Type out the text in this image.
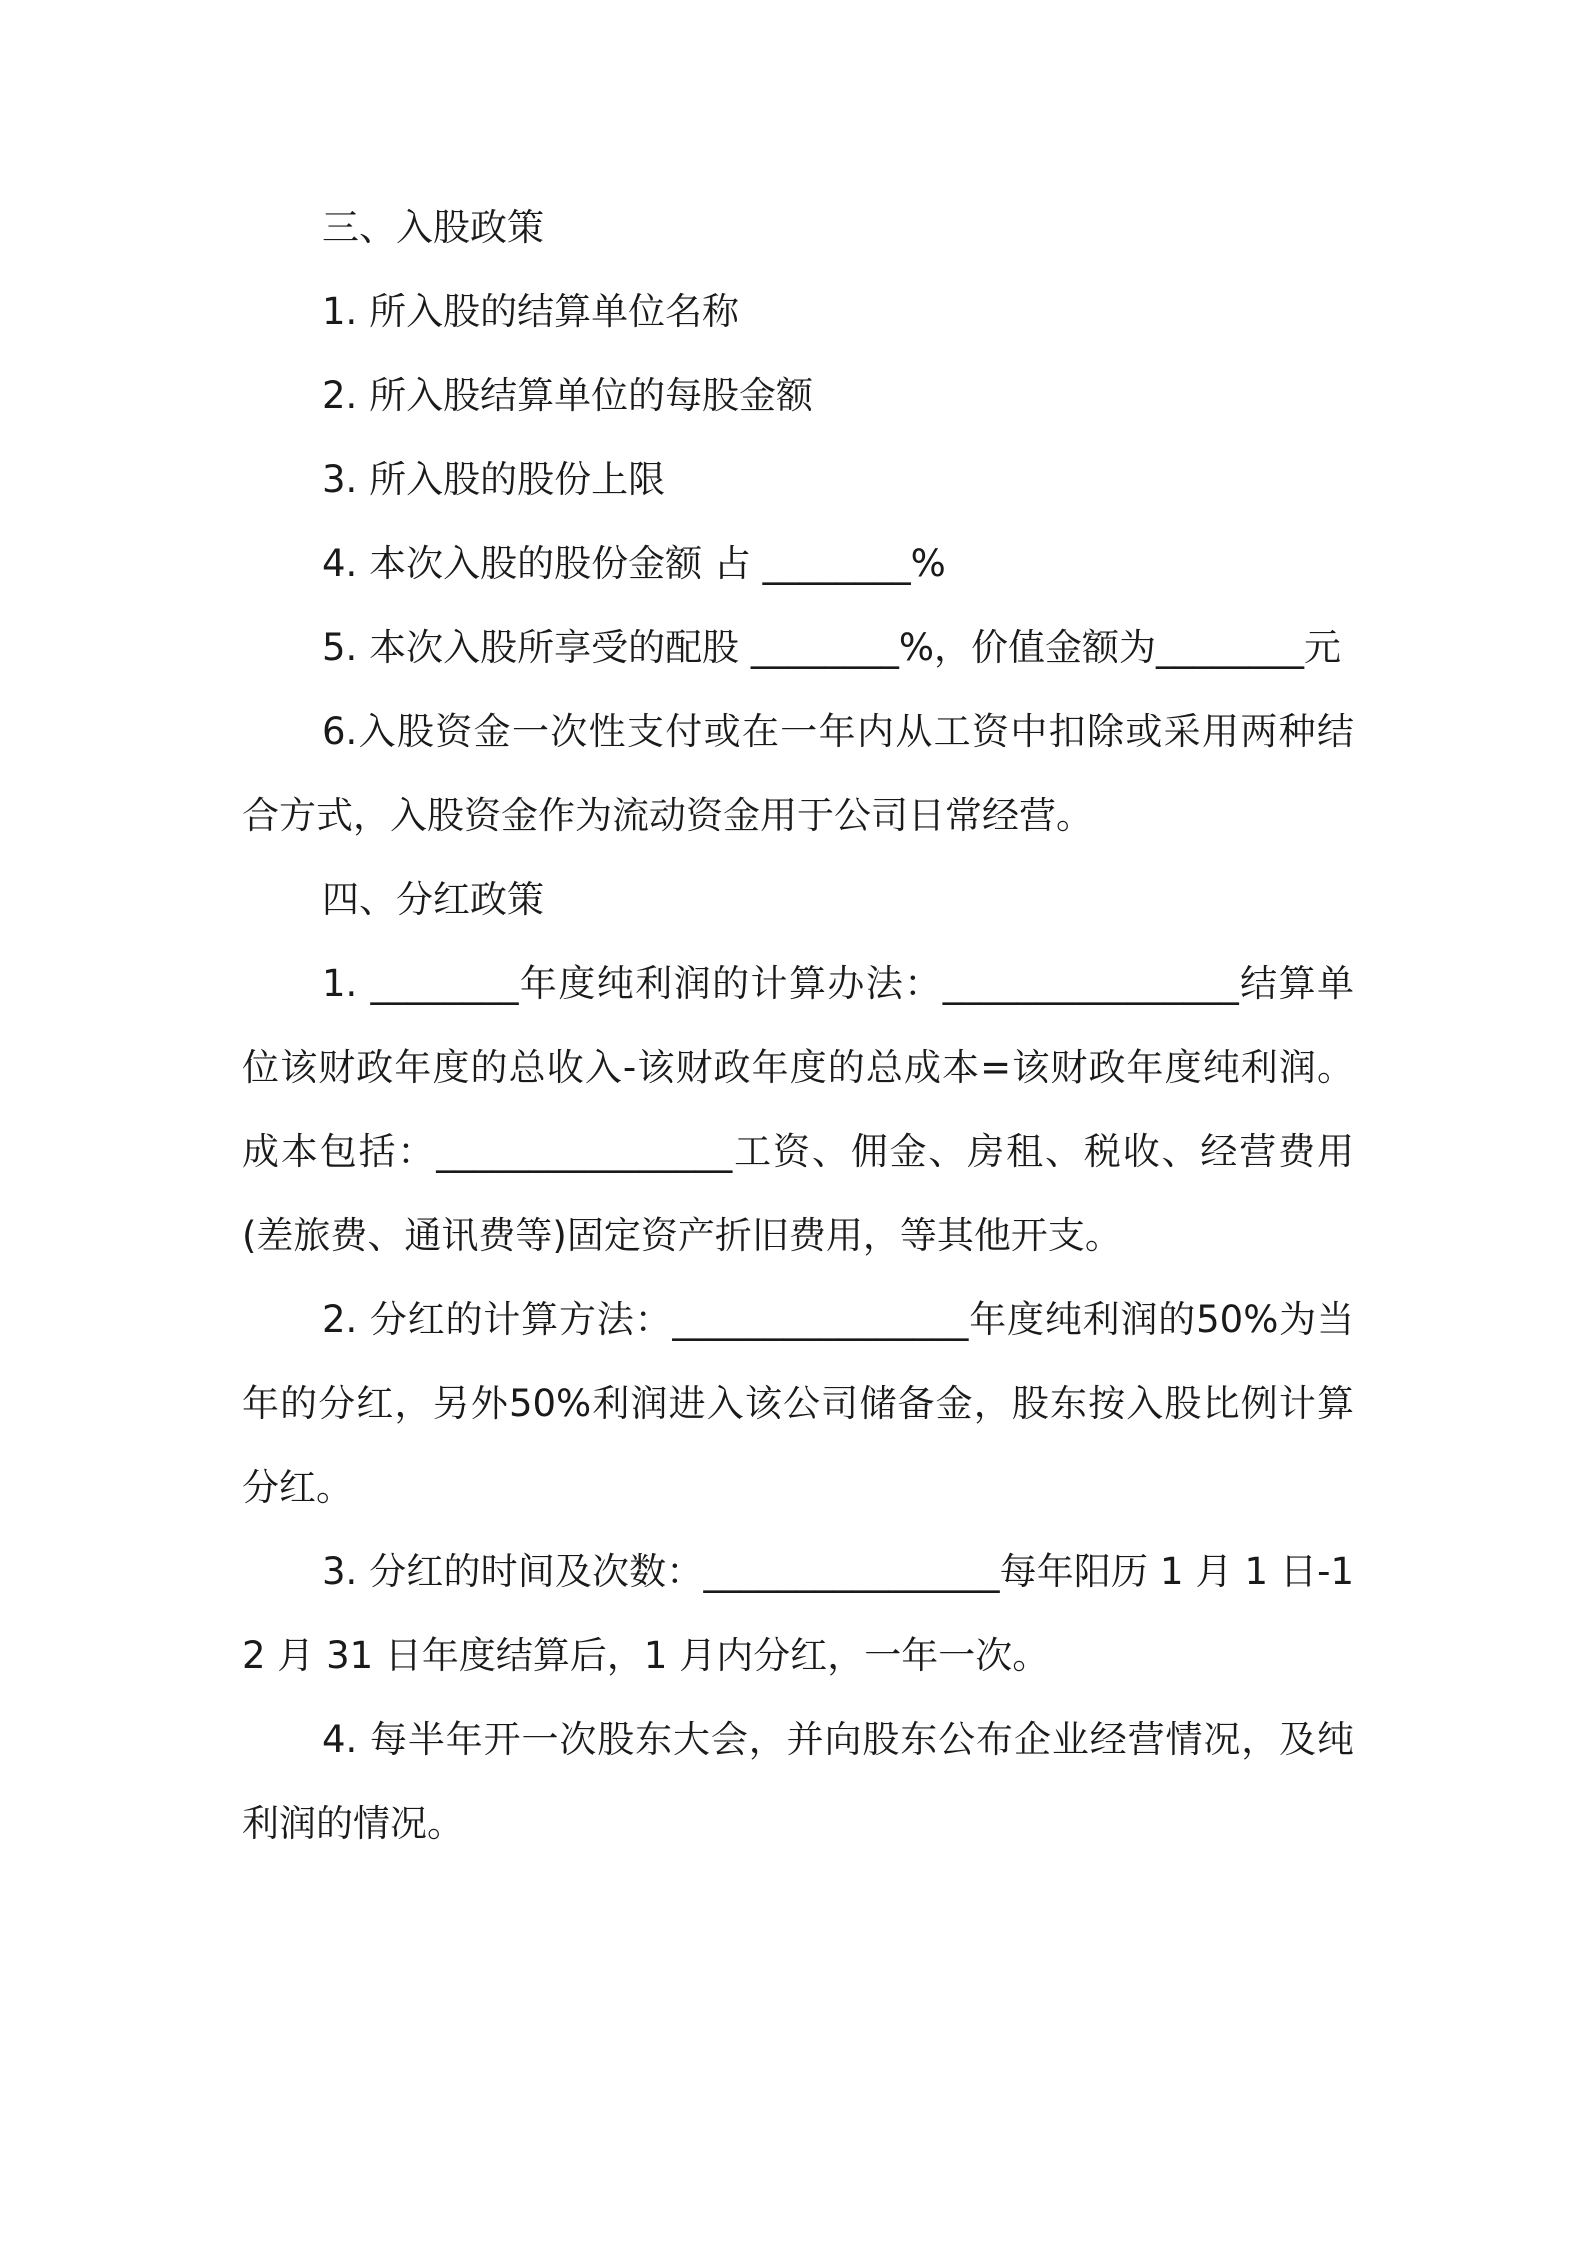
三、入股政策

1. 所入股的结算单位名称

2. 所入股结算单位的每股金额

3. 所入股的股份上限

4. 本次入股的股份金额 占 ________%

5. 本次入股所享受的配股 ________%，价值金额为________元

6.入股资金一次性支付或在一年内从工资中扣除或采用两种结合方式，入股资金作为流动资金用于公司日常经营。

四、分红政策

1. ________年度纯利润的计算办法：________________结算单位该财政年度的总收入-该财政年度的总成本=该财政年度纯利润。成本包括：________________工资、佣金、房租、税收、经营费用(差旅费、通讯费等)固定资产折旧费用，等其他开支。

2. 分红的计算方法：________________年度纯利润的50%为当年的分红，另外50%利润进入该公司储备金，股东按入股比例计算分红。

3. 分红的时间及次数：________________每年阳历 1 月 1 日-12 月 31 日年度结算后，1 月内分红，一年一次。

4. 每半年开一次股东大会，并向股东公布企业经营情况，及纯利润的情况。
